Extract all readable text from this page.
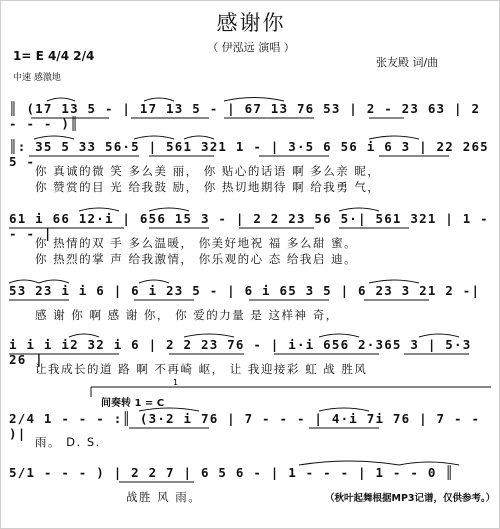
感谢你
（ 伊泓远 演唱 ）
1= E 4/4 2/4
中速 感激地
张友殿 词/曲
║ (17 13 5 - | 17 13 5 - | 67 13 76 53 | 2 - 23 63 | 2 - - - )║
║: 35 5 33 56·5 | 561 321 1 - | 3·5 6 56 i 6 3 | 22 265 5 -
你 真诚的微 笑 多么美 丽， 你 贴心的话语 啊 多么亲 昵，
你 赞赏的目 光 给我鼓 励， 你 热切地期待 啊 给我勇 气，
61 i 66 12·i | 656 15 3 - | 2 2 23 56 5·| 561 321 | 1 - - - |
你 热情的双 手 多么温暖， 你美好地祝 福 多么甜 蜜。
你 热烈的掌 声 给我激情， 你乐观的心 态 给我启 迪。
53 23 i i 6 | 6 i 23 5 - | 6 i 65 3 5 | 6 23 3 21 2 -|
感 谢 你 啊 感 谢 你， 你 爱的力量 是 这样神 奇，
i i i i2 32 i 6 | 2 2 23 76 - | i·i 656 2·365 3 | 5·3 26 |
让我成长的道 路 啊 不再崎 岖， 让 我迎接彩 虹 战 胜风
间奏转 1 = C
1
2/4 1 - - - :║ (3·2 i 76 | 7 - - - | 4·i 7i 76 | 7 - - )|
雨。 D. S.
5/1 - - - ) | 2 2 7 | 6 5 6 - | 1 - - - | 1 - - 0 ║
战胜 风 雨。	（秋叶起舞根据MP3记谱，仅供参考。）
